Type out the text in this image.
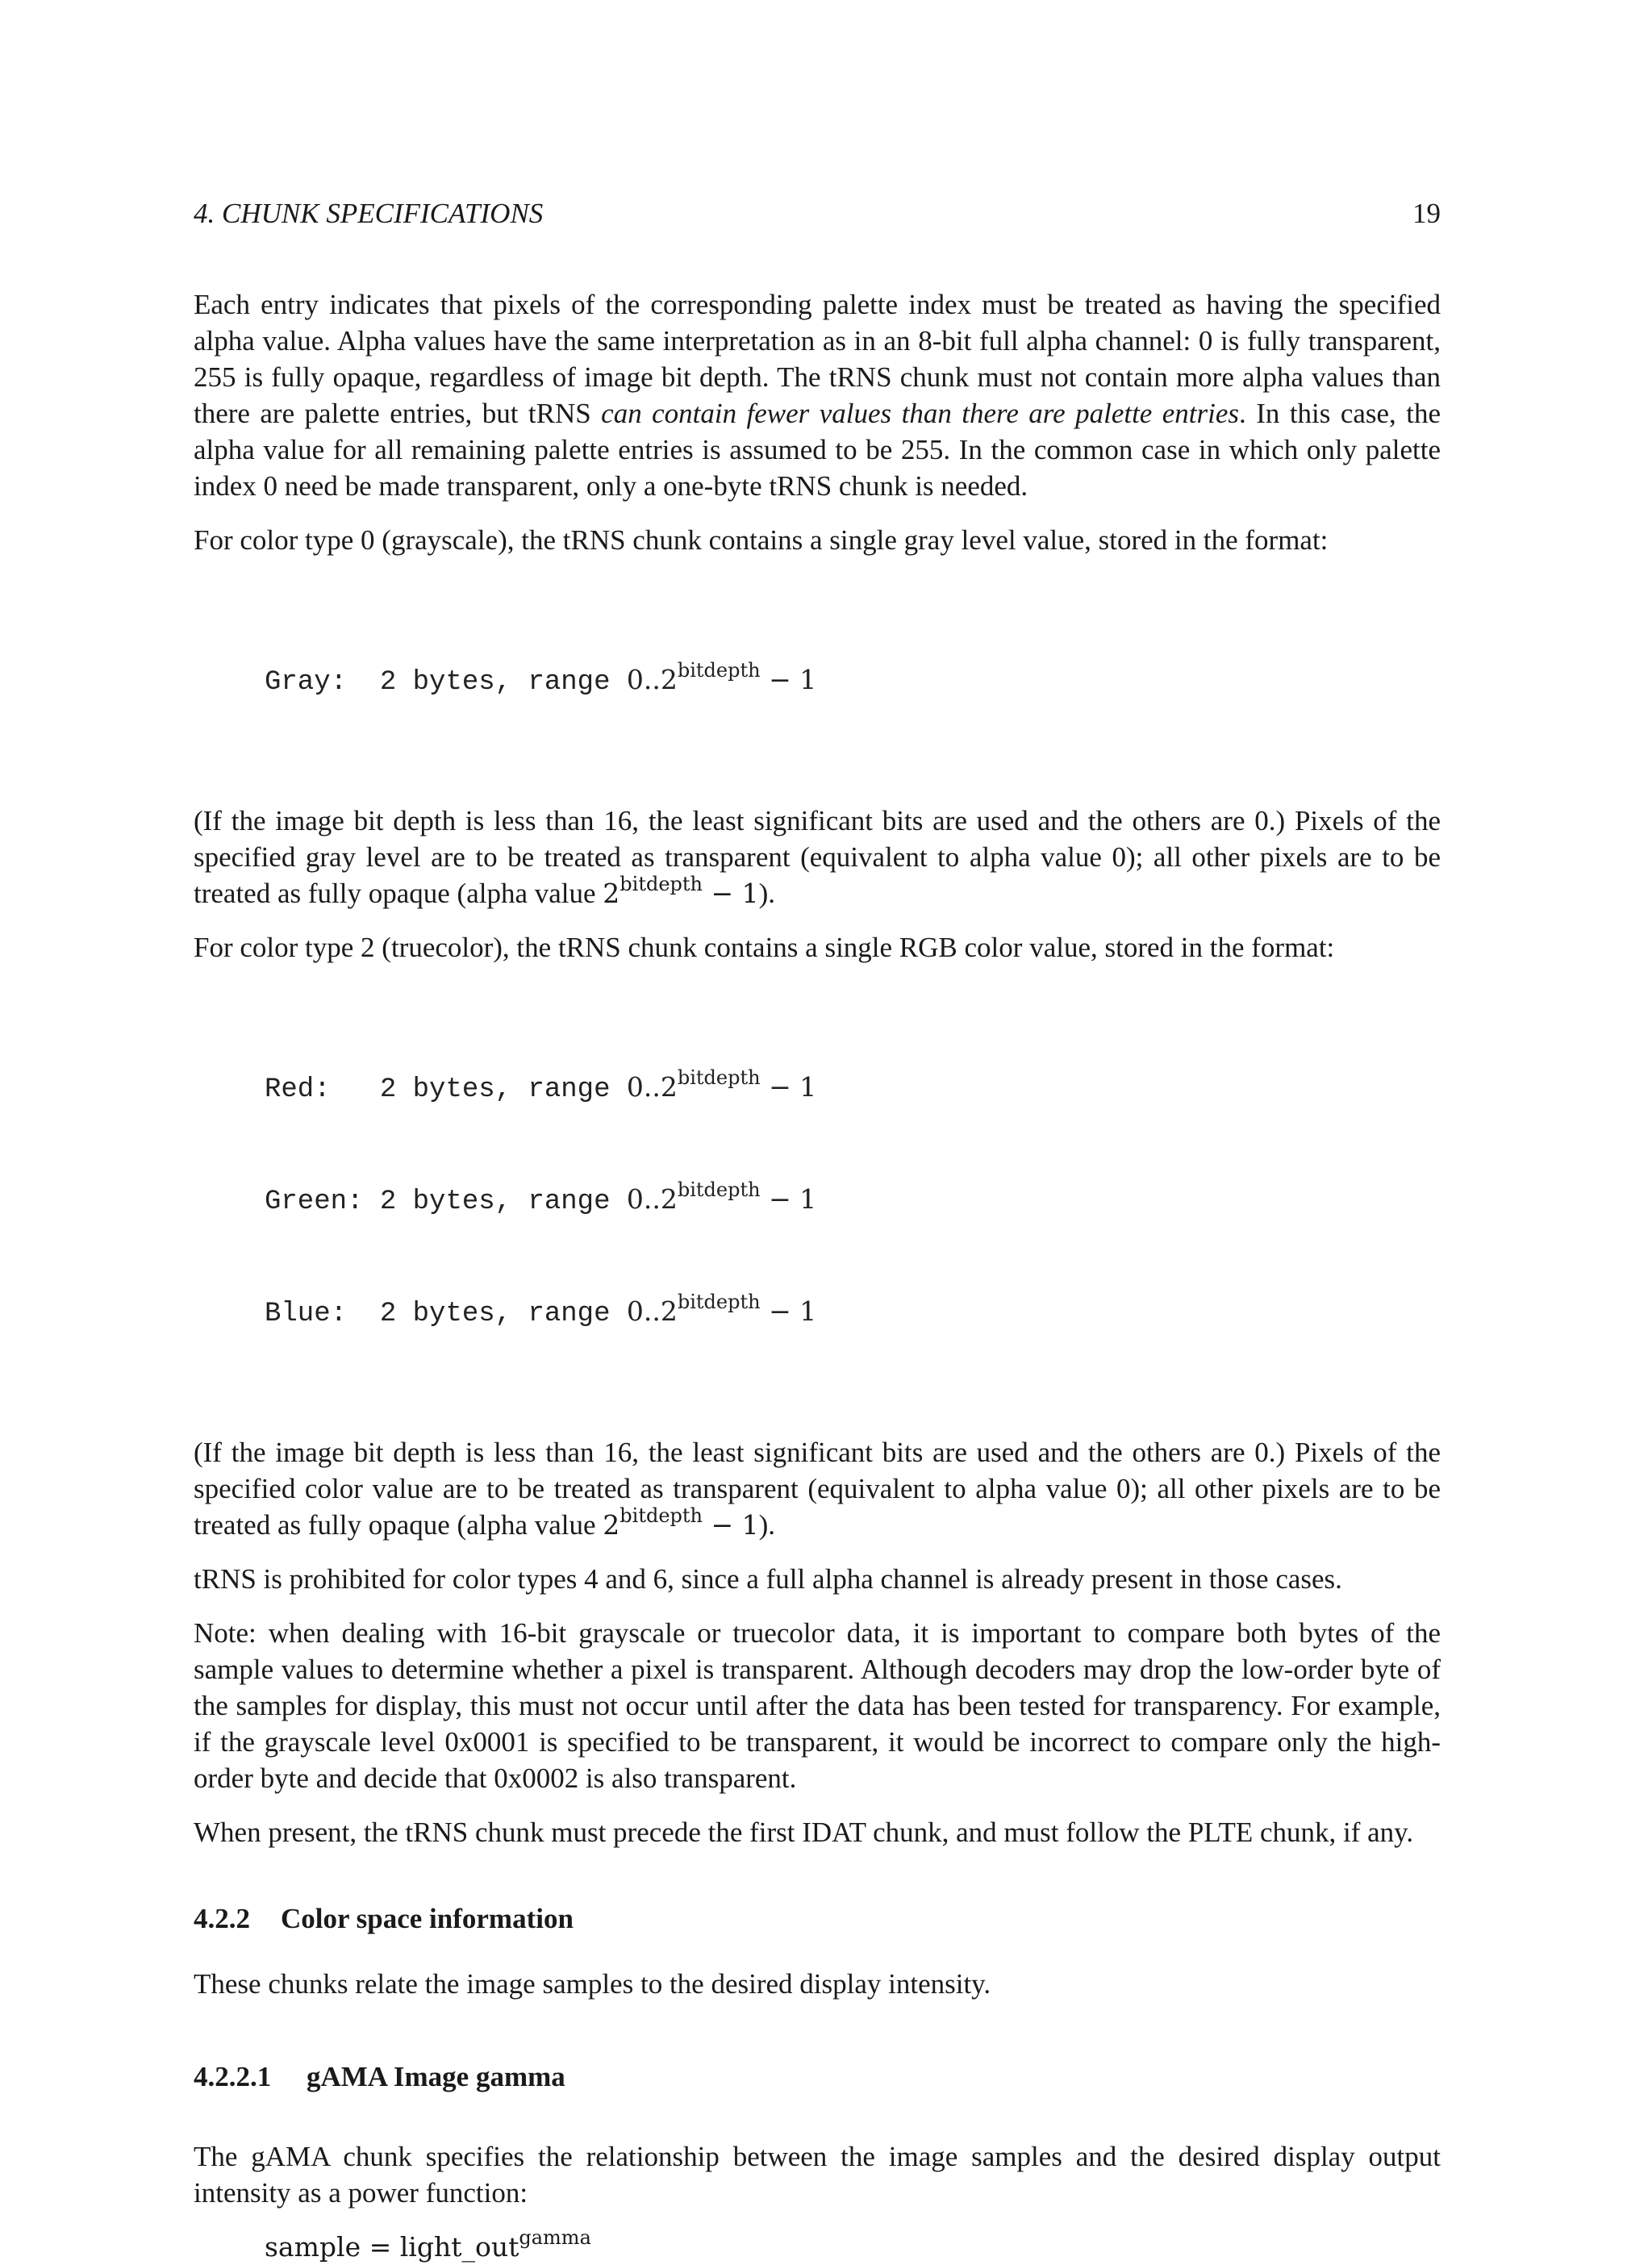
4. CHUNK SPECIFICATIONS	19

Each entry indicates that pixels of the corresponding palette index must be treated as having the specified alpha value. Alpha values have the same interpretation as in an 8-bit full alpha channel: 0 is fully transparent, 255 is fully opaque, regardless of image bit depth. The tRNS chunk must not contain more alpha values than there are palette entries, but tRNS can contain fewer values than there are palette entries. In this case, the alpha value for all remaining palette entries is assumed to be 255. In the common case in which only palette index 0 need be made transparent, only a one-byte tRNS chunk is needed.

For color type 0 (grayscale), the tRNS chunk contains a single gray level value, stored in the format:

Gray:  2 bytes, range $0..2^{bitdepth} - 1$

(If the image bit depth is less than 16, the least significant bits are used and the others are 0.) Pixels of the specified gray level are to be treated as transparent (equivalent to alpha value 0); all other pixels are to be treated as fully opaque (alpha value $2^{bitdepth} - 1$).

For color type 2 (truecolor), the tRNS chunk contains a single RGB color value, stored in the format:

Red:   2 bytes, range $0..2^{bitdepth} - 1$

Green: 2 bytes, range $0..2^{bitdepth} - 1$

Blue:  2 bytes, range $0..2^{bitdepth} - 1$

(If the image bit depth is less than 16, the least significant bits are used and the others are 0.) Pixels of the specified color value are to be treated as transparent (equivalent to alpha value 0); all other pixels are to be treated as fully opaque (alpha value $2^{bitdepth} - 1$).

tRNS is prohibited for color types 4 and 6, since a full alpha channel is already present in those cases.

Note: when dealing with 16-bit grayscale or truecolor data, it is important to compare both bytes of the sample values to determine whether a pixel is transparent. Although decoders may drop the low-order byte of the samples for display, this must not occur until after the data has been tested for transparency. For example, if the grayscale level 0x0001 is specified to be transparent, it would be incorrect to compare only the high-order byte and decide that 0x0002 is also transparent.

When present, the tRNS chunk must precede the first IDAT chunk, and must follow the PLTE chunk, if any.

4.2.2 Color space information

These chunks relate the image samples to the desired display intensity.

4.2.2.1 gAMA Image gamma

The gAMA chunk specifies the relationship between the image samples and the desired display output intensity as a power function:

sample = light_out$^{gamma}$
